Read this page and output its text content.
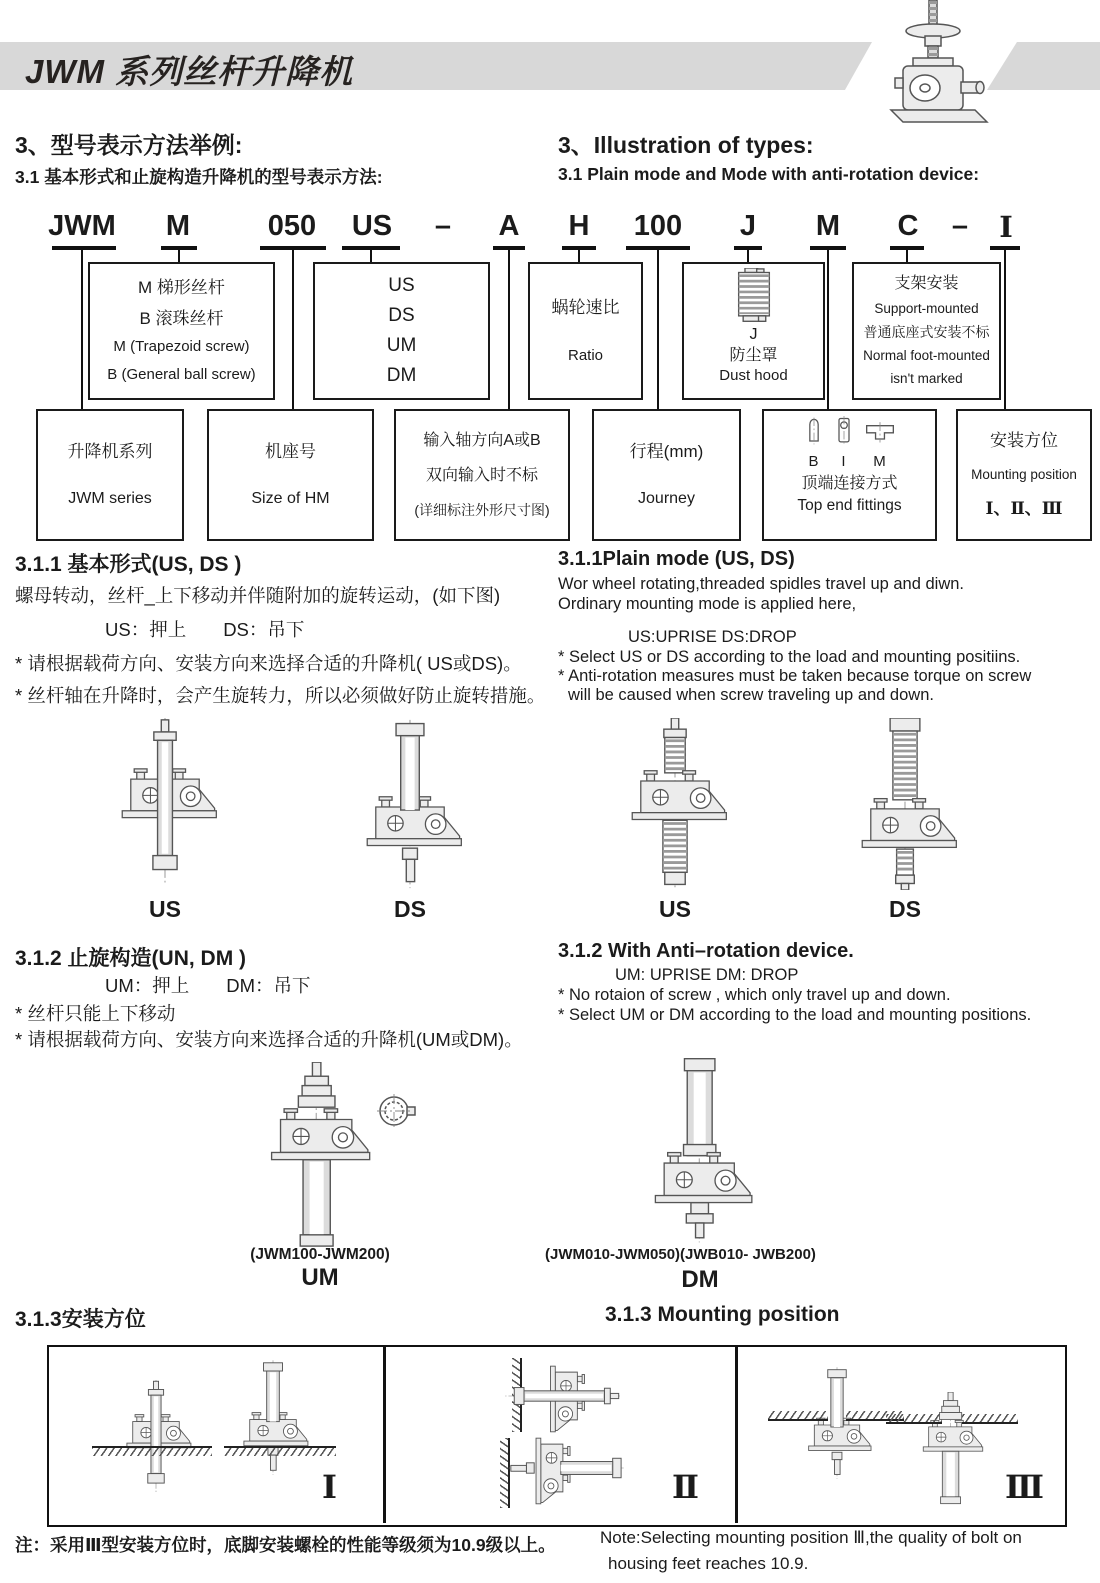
JWM 系列丝杆升降机
3、型号表示方法举例:	3、Illustration of types:
3.1 基本形式和止旋构造升降机的型号表示方法:	3.1 Plain mode and Mode with anti-rotation device:
JWM M	050	US	–	A H	100	J M	C	–	I
M 梯形丝杆
B 滚珠丝杆
M (Trapezoid screw)
B (General ball screw)
US
DS
UM
DM
蜗轮速比
Ratio
J
防尘罩
Dust hood
支架安装
Support-mounted
普通底座式安装不标
Normal foot-mounted
isn't marked
升降机系列
JWM series
机座号
Size of HM
输入轴方向A或B
双向输入时不标
(详细标注外形尺寸图)
行程(mm)
Journey
B	I	M
顶端连接方式
Top end fittings
安装方位
Mounting position
Ⅰ、Ⅱ、Ⅲ
3.1.1 基本形式(US, DS )
螺母转动，丝杆_上下移动并伴随附加的旋转运动，(如下图)
US：押上　　DS：吊下
* 请根据载荷方向、安装方向来选择合适的升降机( US或DS)。
* 丝杆轴在升降时，会产生旋转力，所以必须做好防止旋转措施。
3.1.1Plain mode (US, DS)
Wor wheel rotating,threaded spidles travel up and diwn.
Ordinary mounting mode is applied here,
US:UPRISE DS:DROP
* Select US or DS according to the load and mounting positiins.
* Anti-rotation measures must be taken because torque on screw
will be caused when screw traveling up and down.
US	DS	US	DS
3.1.2 止旋构造(UN, DM )
UM：押上　　DM：吊下
* 丝杆只能上下移动
* 请根据载荷方向、安装方向来选择合适的升降机(UM或DM)。
3.1.2 With Anti–rotation device.
UM: UPRISE DM: DROP
* No rotaion of screw , which only travel up and down.
* Select UM or DM according to the load and mounting positions.
(JWM100-JWM200)
UM
(JWM010-JWM050)(JWB010- JWB200)
DM
3.1.3安装方位	3.1.3 Mounting position
Ⅰ	Ⅱ	Ⅲ
注：采用Ⅲ型安装方位时，底脚安装螺栓的性能等级须为10.9级以上。	Note:Selecting mounting position Ⅲ,the quality of bolt on
housing feet reaches 10.9.
